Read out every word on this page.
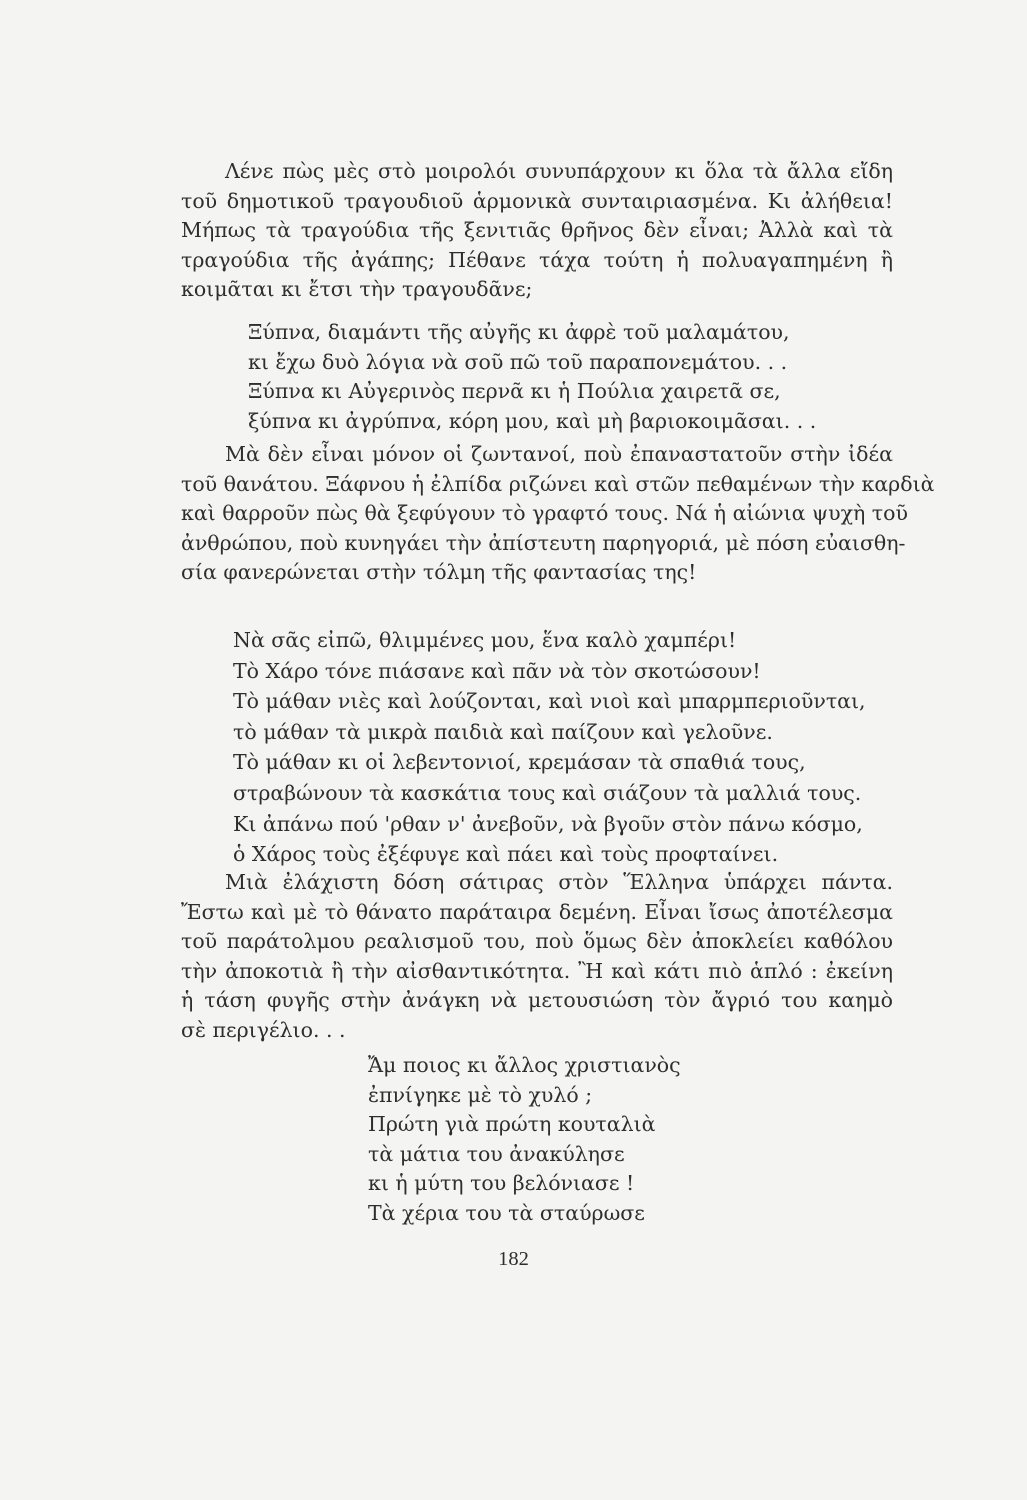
Λένε πὼς μὲς στὸ μοιρολόι συνυπάρχουν κι ὅλα τὰ ἄλλα εἴδη
τοῦ δημοτικοῦ τραγουδιοῦ ἁρμονικὰ συνταιριασμένα. Κι ἀλήθεια!
Μήπως τὰ τραγούδια τῆς ξενιτιᾶς θρῆνος δὲν εἶναι; Ἀλλὰ καὶ τὰ
τραγούδια τῆς ἀγάπης; Πέθανε τάχα τούτη ἡ πολυαγαπημένη ἢ
κοιμᾶται κι ἔτσι τὴν τραγουδᾶνε;
Ξύπνα, διαμάντι τῆς αὐγῆς κι ἀφρὲ τοῦ μαλαμάτου,
κι ἔχω δυὸ λόγια νὰ σοῦ πῶ τοῦ παραπονεμάτου. . .
Ξύπνα κι Αὐγερινὸς περνᾶ κι ἡ Πούλια χαιρετᾶ σε,
ξύπνα κι ἀγρύπνα, κόρη μου, καὶ μὴ βαριοκοιμᾶσαι. . .
Μὰ δὲν εἶναι μόνον οἱ ζωντανοί, ποὺ ἐπαναστατοῦν στὴν ἰδέα
τοῦ θανάτου. Ξάφνου ἡ ἐλπίδα ριζώνει καὶ στῶν πεθαμένων τὴν καρδιὰ
καὶ θαρροῦν πὼς θὰ ξεφύγουν τὸ γραφτό τους. Νά ἡ αἰώνια ψυχὴ τοῦ
ἀνθρώπου, ποὺ κυνηγάει τὴν ἀπίστευτη παρηγοριά, μὲ πόση εὐαισθη-
σία φανερώνεται στὴν τόλμη τῆς φαντασίας της!
Νὰ σᾶς εἰπῶ, θλιμμένες μου, ἕνα καλὸ χαμπέρι!
Τὸ Χάρο τόνε πιάσανε καὶ πᾶν νὰ τὸν σκοτώσουν!
Τὸ μάθαν νιὲς καὶ λούζονται, καὶ νιοὶ καὶ μπαρμπεριοῦνται,
τὸ μάθαν τὰ μικρὰ παιδιὰ καὶ παίζουν καὶ γελοῦνε.
Τὸ μάθαν κι οἱ λεβεντονιοί, κρεμάσαν τὰ σπαθιά τους,
στραβώνουν τὰ κασκάτια τους καὶ σιάζουν τὰ μαλλιά τους.
Κι ἀπάνω πού 'ρθαν ν' ἀνεβοῦν, νὰ βγοῦν στὸν πάνω κόσμο,
ὁ Χάρος τοὺς ἐξέφυγε καὶ πάει καὶ τοὺς προφταίνει.
Μιὰ ἐλάχιστη δόση σάτιρας στὸν Ἕλληνα ὑπάρχει πάντα.
Ἔστω καὶ μὲ τὸ θάνατο παράταιρα δεμένη. Εἶναι ἴσως ἀποτέλεσμα
τοῦ παράτολμου ρεαλισμοῦ του, ποὺ ὅμως δὲν ἀποκλείει καθόλου
τὴν ἀποκοτιὰ ἢ τὴν αἰσθαντικότητα. Ἢ καὶ κάτι πιὸ ἁπλό : ἐκείνη
ἡ τάση φυγῆς στὴν ἀνάγκη νὰ μετουσιώση τὸν ἄγριό του καημὸ
σὲ περιγέλιο. . .
Ἄμ ποιος κι ἄλλος χριστιανὸς
ἐπνίγηκε μὲ τὸ χυλό ;
Πρώτη γιὰ πρώτη κουταλιὰ
τὰ μάτια του ἀνακύλησε
κι ἡ μύτη του βελόνιασε !
Τὰ χέρια του τὰ σταύρωσε
182
